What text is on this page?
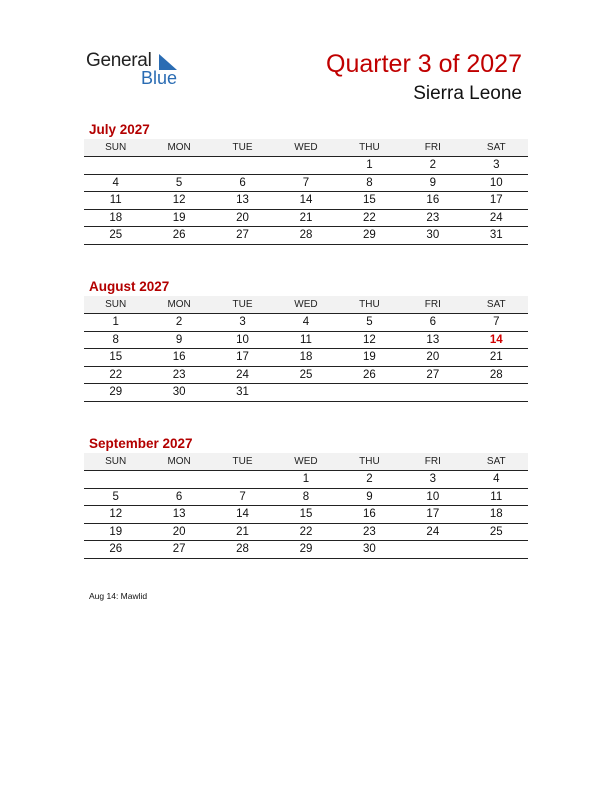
General
Blue	Quarter 3 of 2027
Sierra Leone
July 2027
SUN	MON	TUE	WED	THU	FRI	SAT
				1	2	3
4	5	6	7	8	9	10
11	12	13	14	15	16	17
18	19	20	21	22	23	24
25	26	27	28	29	30	31
August 2027
SUN	MON	TUE	WED	THU	FRI	SAT
1	2	3	4	5	6	7
8	9	10	11	12	13	14
15	16	17	18	19	20	21
22	23	24	25	26	27	28
29	30	31				
September 2027
SUN	MON	TUE	WED	THU	FRI	SAT
			1	2	3	4
5	6	7	8	9	10	11
12	13	14	15	16	17	18
19	20	21	22	23	24	25
26	27	28	29	30		
Aug 14: Mawlid
